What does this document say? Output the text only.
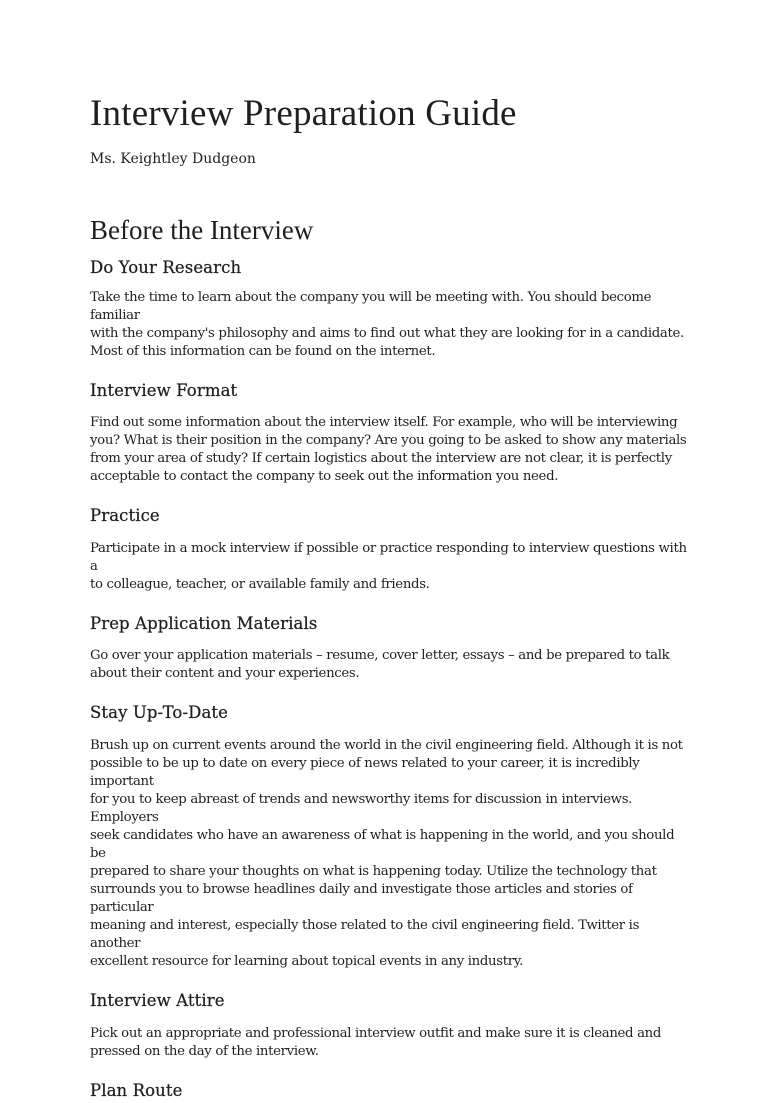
Interview Preparation Guide
Ms. Keightley Dudgeon
Before the Interview
Do Your Research

Take the time to learn about the company you will be meeting with. You should become familiar
with the company's philosophy and aims to find out what they are looking for in a candidate.
Most of this information can be found on the internet.

Interview Format

Find out some information about the interview itself. For example, who will be interviewing
you? What is their position in the company? Are you going to be asked to show any materials
from your area of study? If certain logistics about the interview are not clear, it is perfectly
acceptable to contact the company to seek out the information you need.

Practice

Participate in a mock interview if possible or practice responding to interview questions with a
to colleague, teacher, or available family and friends.

Prep Application Materials

Go over your application materials – resume, cover letter, essays – and be prepared to talk
about their content and your experiences.

Stay Up-To-Date

Brush up on current events around the world in the civil engineering field. Although it is not
possible to be up to date on every piece of news related to your career, it is incredibly important
for you to keep abreast of trends and newsworthy items for discussion in interviews. Employers
seek candidates who have an awareness of what is happening in the world, and you should be
prepared to share your thoughts on what is happening today. Utilize the technology that
surrounds you to browse headlines daily and investigate those articles and stories of particular
meaning and interest, especially those related to the civil engineering field. Twitter is another
excellent resource for learning about topical events in any industry.

Interview Attire

Pick out an appropriate and professional interview outfit and make sure it is cleaned and
pressed on the day of the interview.

Plan Route
